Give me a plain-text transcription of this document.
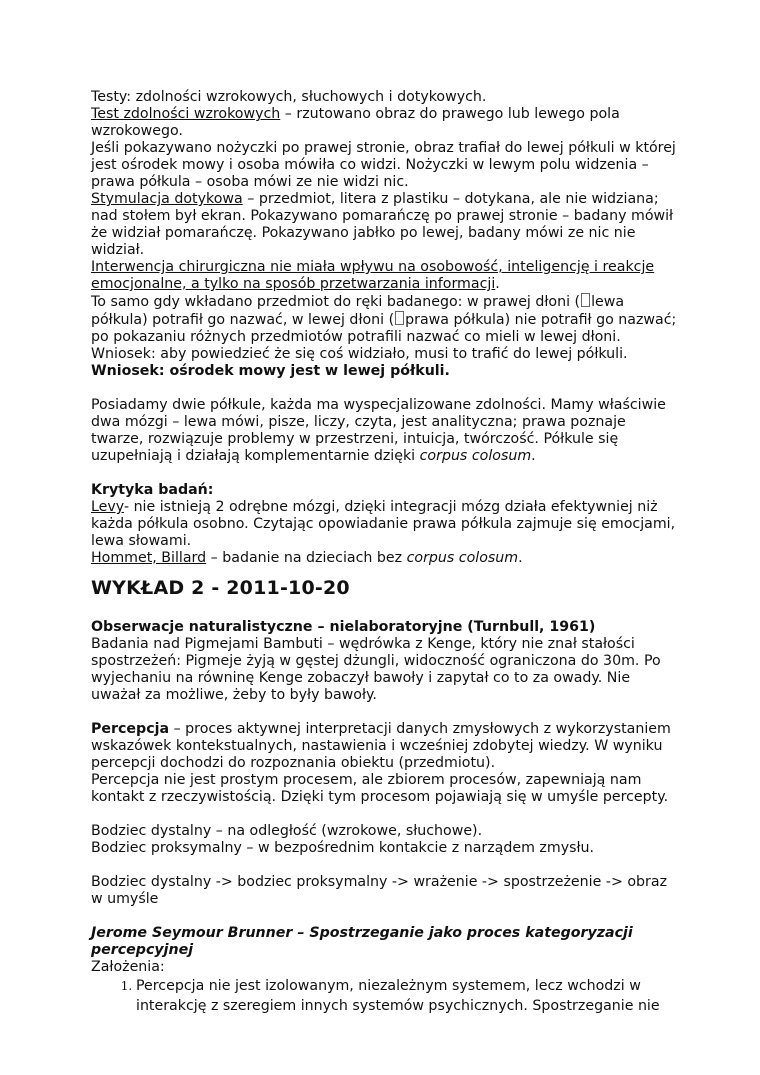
Testy: zdolności wzrokowych, słuchowych i dotykowych.

Test zdolności wzrokowych – rzutowano obraz do prawego lub lewego pola wzrokowego.

Jeśli pokazywano nożyczki po prawej stronie, obraz trafiał do lewej półkuli w której jest ośrodek mowy i osoba mówiła co widzi. Nożyczki w lewym polu widzenia – prawa półkula – osoba mówi ze nie widzi nic.

Stymulacja dotykowa – przedmiot, litera z plastiku – dotykana, ale nie widziana; nad stołem był ekran. Pokazywano pomarańczę po prawej stronie – badany mówił że widział pomarańczę. Pokazywano jabłko po lewej, badany mówi ze nic nie widział.

Interwencja chirurgiczna nie miała wpływu na osobowość, inteligencję i reakcje emocjonalne, a tylko na sposób przetwarzania informacji.

To samo gdy wkładano przedmiot do ręki badanego: w prawej dłoni ( lewa półkula) potrafił go nazwać, w lewej dłoni ( prawa półkula) nie potrafił go nazwać; po pokazaniu różnych przedmiotów potrafili nazwać co mieli w lewej dłoni.

Wniosek: aby powiedzieć że się coś widziało, musi to trafić do lewej półkuli.

Wniosek: ośrodek mowy jest w lewej półkuli.

Posiadamy dwie półkule, każda ma wyspecjalizowane zdolności. Mamy właściwie dwa mózgi – lewa mówi, pisze, liczy, czyta, jest analityczna; prawa poznaje twarze, rozwiązuje problemy w przestrzeni, intuicja, twórczość. Półkule się uzupełniają i działają komplementarnie dzięki corpus colosum.

Krytyka badań:

Levy- nie istnieją 2 odrębne mózgi, dzięki integracji mózg działa efektywniej niż każda półkula osobno. Czytając opowiadanie prawa półkula zajmuje się emocjami, lewa słowami.

Hommet, Billard – badanie na dzieciach bez corpus colosum.

WYKŁAD 2 - 2011-10-20

Obserwacje naturalistyczne – nielaboratoryjne (Turnbull, 1961)

Badania nad Pigmejami Bambuti – wędrówka z Kenge, który nie znał stałości spostrzeżeń: Pigmeje żyją w gęstej dżungli, widoczność ograniczona do 30m. Po wyjechaniu na równinę Kenge zobaczył bawoły i zapytał co to za owady. Nie uważał za możliwe, żeby to były bawoły.

Percepcja – proces aktywnej interpretacji danych zmysłowych z wykorzystaniem wskazówek kontekstualnych, nastawienia i wcześniej zdobytej wiedzy. W wyniku percepcji dochodzi do rozpoznania obiektu (przedmiotu).

Percepcja nie jest prostym procesem, ale zbiorem procesów, zapewniają nam kontakt z rzeczywistością. Dzięki tym procesom pojawiają się w umyśle percepty.

Bodziec dystalny – na odległość (wzrokowe, słuchowe).

Bodziec proksymalny – w bezpośrednim kontakcie z narządem zmysłu.

Bodziec dystalny -> bodziec proksymalny -> wrażenie -> spostrzeżenie -> obraz w umyśle

Jerome Seymour Brunner – Spostrzeganie jako proces kategoryzacji percepcyjnej

Założenia:

1. Percepcja nie jest izolowanym, niezależnym systemem, lecz wchodzi w interakcję z szeregiem innych systemów psychicznych. Spostrzeganie nie
